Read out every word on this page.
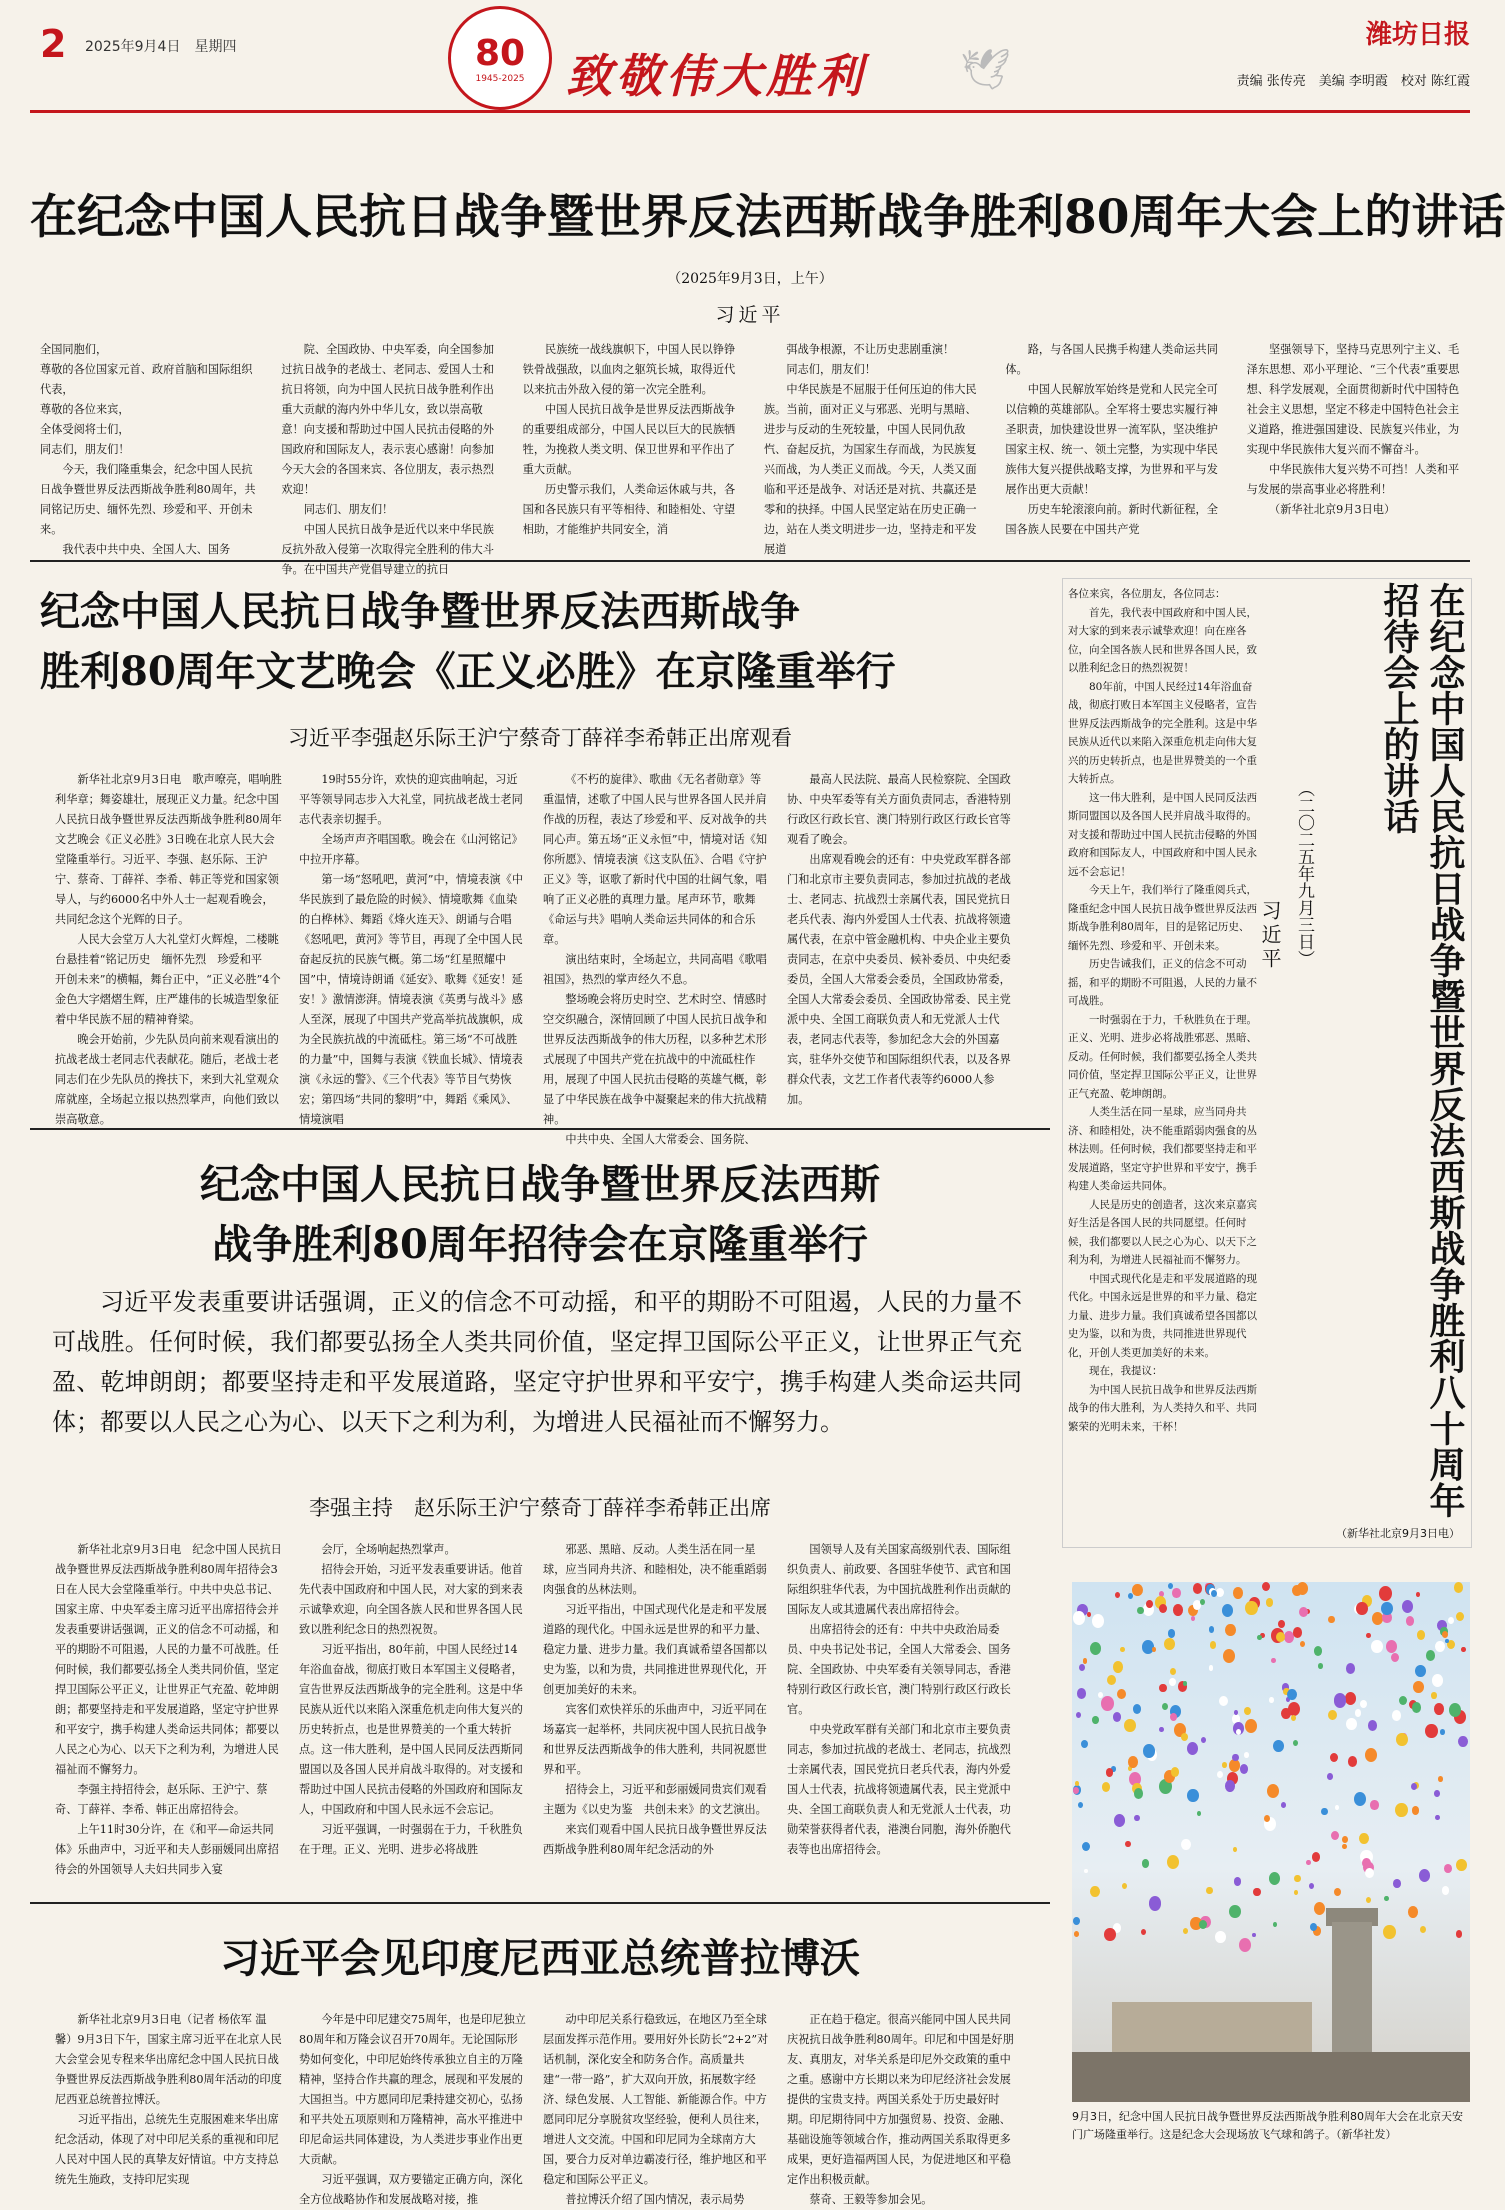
2 2025年9月4日　星期四	80
1945-2025 致敬伟大胜利 🕊
潍坊日报
责编 张传亮　美编 李明霞　校对 陈红霞
在纪念中国人民抗日战争暨世界反法西斯战争胜利80周年大会上的讲话
（2025年9月3日，上午）
习近平

全国同胞们，

尊敬的各位国家元首、政府首脑和国际组织代表，

尊敬的各位来宾，

全体受阅将士们，

同志们，朋友们！

今天，我们隆重集会，纪念中国人民抗日战争暨世界反法西斯战争胜利80周年，共同铭记历史、缅怀先烈、珍爱和平、开创未来。

我代表中共中央、全国人大、国务

院、全国政协、中央军委，向全国参加过抗日战争的老战士、老同志、爱国人士和抗日将领，向为中国人民抗日战争胜利作出重大贡献的海内外中华儿女，致以崇高敬意！向支援和帮助过中国人民抗击侵略的外国政府和国际友人，表示衷心感谢！向参加今天大会的各国来宾、各位朋友，表示热烈欢迎！

同志们、朋友们！

中国人民抗日战争是近代以来中华民族反抗外敌入侵第一次取得完全胜利的伟大斗争。在中国共产党倡导建立的抗日

民族统一战线旗帜下，中国人民以铮铮铁骨战强敌，以血肉之躯筑长城，取得近代以来抗击外敌入侵的第一次完全胜利。

中国人民抗日战争是世界反法西斯战争的重要组成部分，中国人民以巨大的民族牺牲，为挽救人类文明、保卫世界和平作出了重大贡献。

历史警示我们，人类命运休戚与共，各国和各民族只有平等相待、和睦相处、守望相助，才能维护共同安全，消

弭战争根源，不让历史悲剧重演！

同志们，朋友们！

中华民族是不屈服于任何压迫的伟大民族。当前，面对正义与邪恶、光明与黑暗、进步与反动的生死较量，中国人民同仇敌忾、奋起反抗，为国家生存而战，为民族复兴而战，为人类正义而战。今天，人类又面临和平还是战争、对话还是对抗、共赢还是零和的抉择。中国人民坚定站在历史正确一边，站在人类文明进步一边，坚持走和平发展道

路，与各国人民携手构建人类命运共同体。

中国人民解放军始终是党和人民完全可以信赖的英雄部队。全军将士要忠实履行神圣职责，加快建设世界一流军队，坚决维护国家主权、统一、领土完整，为实现中华民族伟大复兴提供战略支撑，为世界和平与发展作出更大贡献！

历史车轮滚滚向前。新时代新征程，全国各族人民要在中国共产党

坚强领导下，坚持马克思列宁主义、毛泽东思想、邓小平理论、“三个代表”重要思想、科学发展观，全面贯彻新时代中国特色社会主义思想，坚定不移走中国特色社会主义道路，推进强国建设、民族复兴伟业，为实现中华民族伟大复兴而不懈奋斗。

中华民族伟大复兴势不可挡！人类和平与发展的崇高事业必将胜利！

（新华社北京9月3日电）

纪念中国人民抗日战争暨世界反法西斯战争
胜利80周年文艺晚会《正义必胜》在京隆重举行
习近平李强赵乐际王沪宁蔡奇丁薛祥李希韩正出席观看

新华社北京9月3日电　歌声嘹亮，唱响胜利华章；舞姿雄壮，展现正义力量。纪念中国人民抗日战争暨世界反法西斯战争胜利80周年文艺晚会《正义必胜》3日晚在北京人民大会堂隆重举行。习近平、李强、赵乐际、王沪宁、蔡奇、丁薛祥、李希、韩正等党和国家领导人，与约6000名中外人士一起观看晚会，共同纪念这个光辉的日子。

人民大会堂万人大礼堂灯火辉煌，二楼眺台悬挂着“铭记历史　缅怀先烈　珍爱和平　开创未来”的横幅，舞台正中，“正义必胜”4个金色大字熠熠生辉，庄严雄伟的长城造型象征着中华民族不屈的精神脊梁。

晚会开始前，少先队员向前来观看演出的抗战老战士老同志代表献花。随后，老战士老同志们在少先队员的搀扶下，来到大礼堂观众席就座，全场起立报以热烈掌声，向他们致以崇高敬意。

19时55分许，欢快的迎宾曲响起，习近平等领导同志步入大礼堂，同抗战老战士老同志代表亲切握手。

全场声声齐唱国歌。晚会在《山河铭记》中拉开序幕。

第一场“怒吼吧，黄河”中，情境表演《中华民族到了最危险的时候》、情境歌舞《血染的白桦林》、舞蹈《烽火连天》、朗诵与合唱《怒吼吧，黄河》等节目，再现了全中国人民奋起反抗的民族气概。第二场“红星照耀中国”中，情境诗朗诵《延安》、歌舞《延安！延安！》激情澎湃。情境表演《英勇与战斗》感人至深，展现了中国共产党高举抗战旗帜，成为全民族抗战的中流砥柱。第三场“不可战胜的力量”中，国舞与表演《铁血长城》、情境表演《永远的警》、《三个代表》等节目气势恢宏；第四场“共同的黎明”中，舞蹈《乘风》、情境演唱

《不朽的旋律》、歌曲《无名者勋章》等重温情，述歌了中国人民与世界各国人民并肩作战的历程，表达了珍爱和平、反对战争的共同心声。第五场“正义永恒”中，情境对话《知你所愿》、情境表演《这支队伍》、合唱《守护正义》等，讴歌了新时代中国的壮阔气象，唱响了正义必胜的真理力量。尾声环节，歌舞《命运与共》唱响人类命运共同体的和合乐章。

演出结束时，全场起立，共同高唱《歌唱祖国》，热烈的掌声经久不息。

整场晚会将历史时空、艺术时空、情感时空交织融合，深情回顾了中国人民抗日战争和世界反法西斯战争的伟大历程，以多种艺术形式展现了中国共产党在抗战中的中流砥柱作用，展现了中国人民抗击侵略的英雄气概，彰显了中华民族在战争中凝聚起来的伟大抗战精神。

中共中央、全国人大常委会、国务院、

最高人民法院、最高人民检察院、全国政协、中央军委等有关方面负责同志，香港特别行政区行政长官、澳门特别行政区行政长官等观看了晚会。

出席观看晚会的还有：中央党政军群各部门和北京市主要负责同志，参加过抗战的老战士、老同志、抗战烈士亲属代表，国民党抗日老兵代表、海内外爱国人士代表、抗战将领遗属代表，在京中管金融机构、中央企业主要负责同志，在京中央委员、候补委员、中央纪委委员，全国人大常委会委员，全国政协常委，全国人大常委会委员、全国政协常委、民主党派中央、全国工商联负责人和无党派人士代表，老同志代表等，参加纪念大会的外国嘉宾，驻华外交使节和国际组织代表，以及各界群众代表，文艺工作者代表等约6000人参加。

纪念中国人民抗日战争暨世界反法西斯
战争胜利80周年招待会在京隆重举行
习近平发表重要讲话强调，正义的信念不可动摇，和平的期盼不可阻遏，人民的力量不可战胜。任何时候，我们都要弘扬全人类共同价值，坚定捍卫国际公平正义，让世界正气充盈、乾坤朗朗；都要坚持走和平发展道路，坚定守护世界和平安宁，携手构建人类命运共同体；都要以人民之心为心、以天下之利为利，为增进人民福祉而不懈努力。
李强主持　赵乐际王沪宁蔡奇丁薛祥李希韩正出席

新华社北京9月3日电　纪念中国人民抗日战争暨世界反法西斯战争胜利80周年招待会3日在人民大会堂隆重举行。中共中央总书记、国家主席、中央军委主席习近平出席招待会并发表重要讲话强调，正义的信念不可动摇，和平的期盼不可阻遏，人民的力量不可战胜。任何时候，我们都要弘扬全人类共同价值，坚定捍卫国际公平正义，让世界正气充盈、乾坤朗朗；都要坚持走和平发展道路，坚定守护世界和平安宁，携手构建人类命运共同体；都要以人民之心为心、以天下之利为利，为增进人民福祉而不懈努力。

李强主持招待会，赵乐际、王沪宁、蔡奇、丁薛祥、李希、韩正出席招待会。

上午11时30分许，在《和平—命运共同体》乐曲声中，习近平和夫人彭丽媛同出席招待会的外国领导人夫妇共同步入宴

会厅，全场响起热烈掌声。

招待会开始，习近平发表重要讲话。他首先代表中国政府和中国人民，对大家的到来表示诚挚欢迎，向全国各族人民和世界各国人民致以胜利纪念日的热烈祝贺。

习近平指出，80年前，中国人民经过14年浴血奋战，彻底打败日本军国主义侵略者，宣告世界反法西斯战争的完全胜利。这是中华民族从近代以来陷入深重危机走向伟大复兴的历史转折点，也是世界赞美的一个重大转折点。这一伟大胜利，是中国人民同反法西斯同盟国以及各国人民并肩战斗取得的。对支援和帮助过中国人民抗击侵略的外国政府和国际友人，中国政府和中国人民永远不会忘记。

习近平强调，一时强弱在于力，千秋胜负在于理。正义、光明、进步必将战胜

邪恶、黑暗、反动。人类生活在同一星球，应当同舟共济、和睦相处，决不能重蹈弱肉强食的丛林法则。

习近平指出，中国式现代化是走和平发展道路的现代化。中国永远是世界的和平力量、稳定力量、进步力量。我们真诚希望各国都以史为鉴，以和为贵，共同推进世界现代化，开创更加美好的未来。

宾客们欢快祥乐的乐曲声中，习近平同在场嘉宾一起举杯，共同庆祝中国人民抗日战争和世界反法西斯战争的伟大胜利，共同祝愿世界和平。

招待会上，习近平和彭丽媛同贵宾们观看主题为《以史为鉴　共创未来》的文艺演出。

来宾们观看中国人民抗日战争暨世界反法西斯战争胜利80周年纪念活动的外

国领导人及有关国家高级别代表、国际组织负责人、前政要、各国驻华使节、武官和国际组织驻华代表，为中国抗战胜利作出贡献的国际友人或其遗属代表出席招待会。

出席招待会的还有：中共中央政治局委员、中央书记处书记，全国人大常委会、国务院、全国政协、中央军委有关领导同志，香港特别行政区行政长官，澳门特别行政区行政长官。

中央党政军群有关部门和北京市主要负责同志，参加过抗战的老战士、老同志，抗战烈士亲属代表，国民党抗日老兵代表，海内外爱国人士代表，抗战将领遗属代表，民主党派中央、全国工商联负责人和无党派人士代表，功勋荣誉获得者代表，港澳台同胞，海外侨胞代表等也出席招待会。

习近平会见印度尼西亚总统普拉博沃

新华社北京9月3日电（记者 杨依军 温馨）9月3日下午，国家主席习近平在北京人民大会堂会见专程来华出席纪念中国人民抗日战争暨世界反法西斯战争胜利80周年活动的印度尼西亚总统普拉博沃。

习近平指出，总统先生克服困难来华出席纪念活动，体现了对中印尼关系的重视和印尼人民对中国人民的真挚友好情谊。中方支持总统先生施政，支持印尼实现

今年是中印尼建交75周年，也是印尼独立80周年和万隆会议召开70周年。无论国际形势如何变化，中印尼始终传承独立自主的万隆精神，坚持合作共赢的理念，展现和平发展的大国担当。中方愿同印尼秉持建交初心，弘扬和平共处五项原则和万隆精神，高水平推进中印尼命运共同体建设，为人类进步事业作出更大贡献。

习近平强调，双方要锚定正确方向，深化全方位战略协作和发展战略对接，推

动中印尼关系行稳致远，在地区乃至全球层面发挥示范作用。要用好外长防长“2+2”对话机制，深化安全和防务合作。高质量共建“一带一路”，扩大双向开放，拓展数字经济、绿色发展、人工智能、新能源合作。中方愿同印尼分享脱贫攻坚经验，便利人员往来，增进人文交流。中国和印尼同为全球南方大国，要合力反对单边霸凌行径，维护地区和平稳定和国际公平正义。

普拉博沃介绍了国内情况，表示局势

正在趋于稳定。很高兴能同中国人民共同庆祝抗日战争胜利80周年。印尼和中国是好朋友、真朋友，对华关系是印尼外交政策的重中之重。感谢中方长期以来为印尼经济社会发展提供的宝贵支持。两国关系处于历史最好时期。印尼期待同中方加强贸易、投资、金融、基础设施等领域合作，推动两国关系取得更多成果，更好造福两国人民，为促进地区和平稳定作出积极贡献。

蔡奇、王毅等参加会见。

在纪念中国人民抗日战争暨世界反法西斯战争胜利八十周年招待会上的讲话
（二〇二五年九月三日）
习近平

各位来宾，各位朋友，各位同志：

首先，我代表中国政府和中国人民，对大家的到来表示诚挚欢迎！向在座各位，向全国各族人民和世界各国人民，致以胜利纪念日的热烈祝贺！

80年前，中国人民经过14年浴血奋战，彻底打败日本军国主义侵略者，宣告世界反法西斯战争的完全胜利。这是中华民族从近代以来陷入深重危机走向伟大复兴的历史转折点，也是世界赞美的一个重大转折点。

这一伟大胜利，是中国人民同反法西斯同盟国以及各国人民并肩战斗取得的。对支援和帮助过中国人民抗击侵略的外国政府和国际友人，中国政府和中国人民永远不会忘记！

今天上午，我们举行了隆重阅兵式，隆重纪念中国人民抗日战争暨世界反法西斯战争胜利80周年，目的是铭记历史、缅怀先烈、珍爱和平、开创未来。

历史告诫我们，正义的信念不可动摇，和平的期盼不可阻遏，人民的力量不可战胜。

一时强弱在于力，千秋胜负在于理。正义、光明、进步必将战胜邪恶、黑暗、反动。任何时候，我们都要弘扬全人类共同价值，坚定捍卫国际公平正义，让世界正气充盈、乾坤朗朗。

人类生活在同一星球，应当同舟共济、和睦相处，决不能重蹈弱肉强食的丛林法则。任何时候，我们都要坚持走和平发展道路，坚定守护世界和平安宁，携手构建人类命运共同体。

人民是历史的创造者，这次来京嘉宾好生活是各国人民的共同愿望。任何时候，我们都要以人民之心为心、以天下之利为利，为增进人民福祉而不懈努力。

中国式现代化是走和平发展道路的现代化。中国永远是世界的和平力量、稳定力量、进步力量。我们真诚希望各国都以史为鉴，以和为贵，共同推进世界现代化，开创人类更加美好的未来。

现在，我提议：

为中国人民抗日战争和世界反法西斯战争的伟大胜利，为人类持久和平、共同繁荣的光明未来，干杯！

（新华社北京9月3日电）
9月3日，纪念中国人民抗日战争暨世界反法西斯战争胜利80周年大会在北京天安门广场隆重举行。这是纪念大会现场放飞气球和鸽子。（新华社发）
